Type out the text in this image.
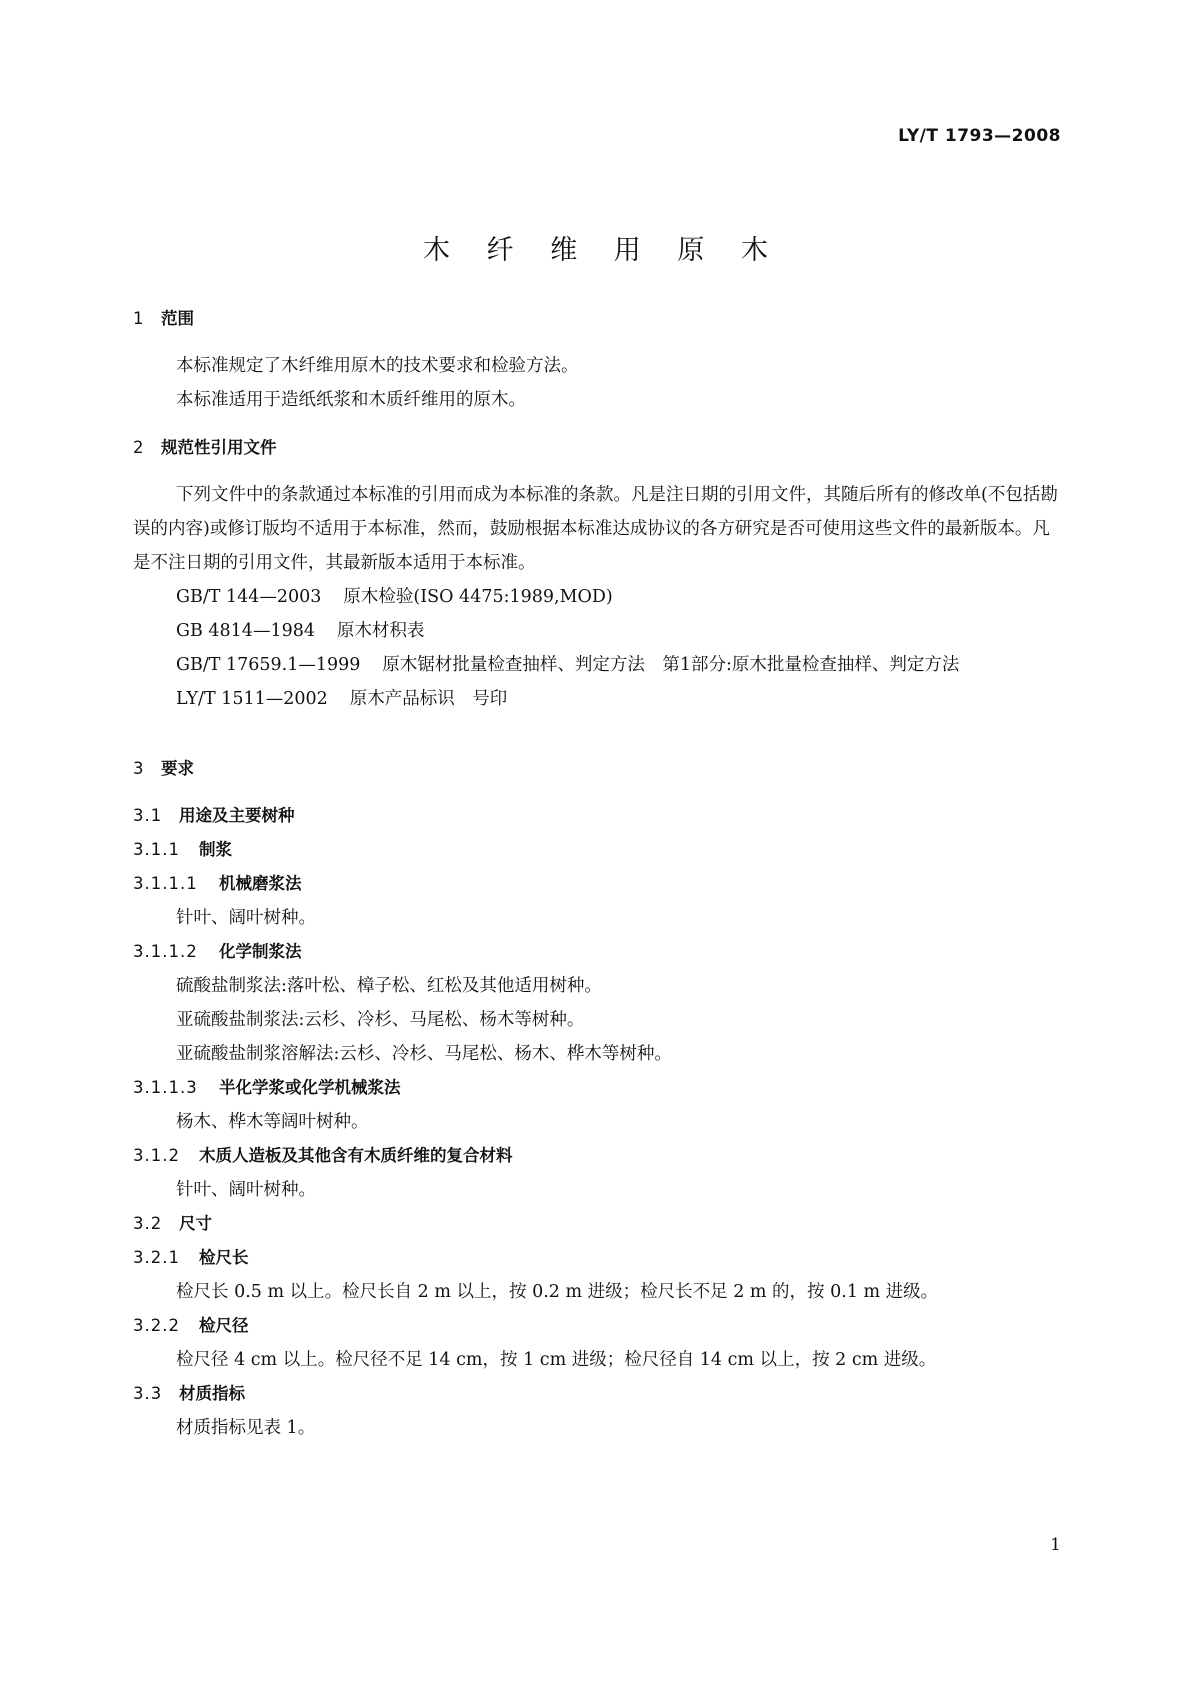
LY/T 1793—2008
木 纤 维 用 原 木
1 范围
本标准规定了木纤维用原木的技术要求和检验方法。
本标准适用于造纸纸浆和木质纤维用的原木。
2 规范性引用文件
下列文件中的条款通过本标准的引用而成为本标准的条款。凡是注日期的引用文件，其随后所有的修改单(不包括勘误的内容)或修订版均不适用于本标准，然而，鼓励根据本标准达成协议的各方研究是否可使用这些文件的最新版本。凡是不注日期的引用文件，其最新版本适用于本标准。
GB/T 144—2003 原木检验(ISO 4475:1989,MOD)
GB 4814—1984 原木材积表
GB/T 17659.1—1999 原木锯材批量检查抽样、判定方法　第1部分:原木批量检查抽样、判定方法
LY/T 1511—2002 原木产品标识　号印
3 要求
3.1 用途及主要树种
3.1.1 制浆
3.1.1.1 机械磨浆法
针叶、阔叶树种。
3.1.1.2 化学制浆法
硫酸盐制浆法:落叶松、樟子松、红松及其他适用树种。
亚硫酸盐制浆法:云杉、冷杉、马尾松、杨木等树种。
亚硫酸盐制浆溶解法:云杉、冷杉、马尾松、杨木、桦木等树种。
3.1.1.3 半化学浆或化学机械浆法
杨木、桦木等阔叶树种。
3.1.2 木质人造板及其他含有木质纤维的复合材料
针叶、阔叶树种。
3.2 尺寸
3.2.1 检尺长
检尺长 0.5 m 以上。检尺长自 2 m 以上，按 0.2 m 进级；检尺长不足 2 m 的，按 0.1 m 进级。
3.2.2 检尺径
检尺径 4 cm 以上。检尺径不足 14 cm，按 1 cm 进级；检尺径自 14 cm 以上，按 2 cm 进级。
3.3 材质指标
材质指标见表 1。
1
